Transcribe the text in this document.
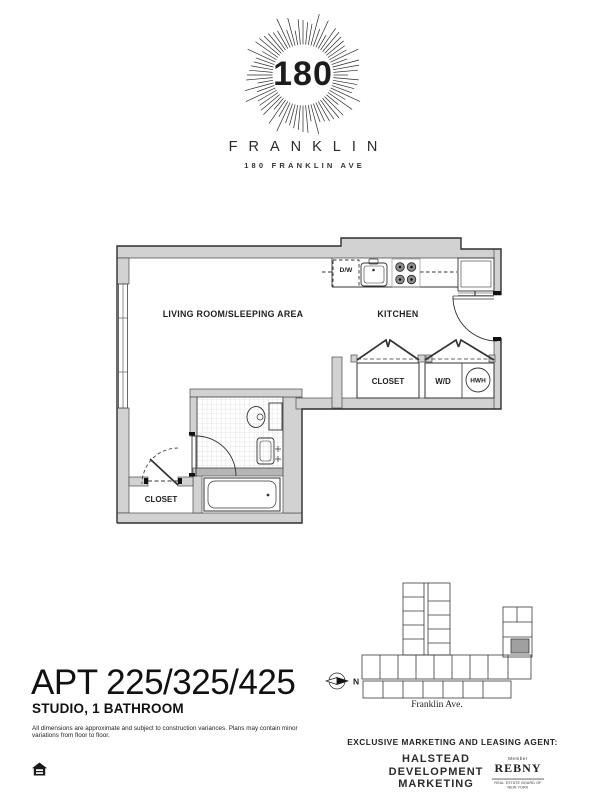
180
FRANKLIN
180 FRANKLIN AVE
LIVING ROOM/SLEEPING AREA	KITCHEN
D/W
CLOSET	W/D	HWH
CLOSET
APT 225/325/425
STUDIO, 1 BATHROOM
All dimensions are approximate and subject to construction variances. Plans may contain minor variations from floor to floor.
N
Franklin Ave.
EXCLUSIVE MARKETING AND LEASING AGENT:
HALSTEAD
DEVELOPMENT
MARKETING
Member
REBNY
REAL ESTATE BOARD OF NEW YORK
